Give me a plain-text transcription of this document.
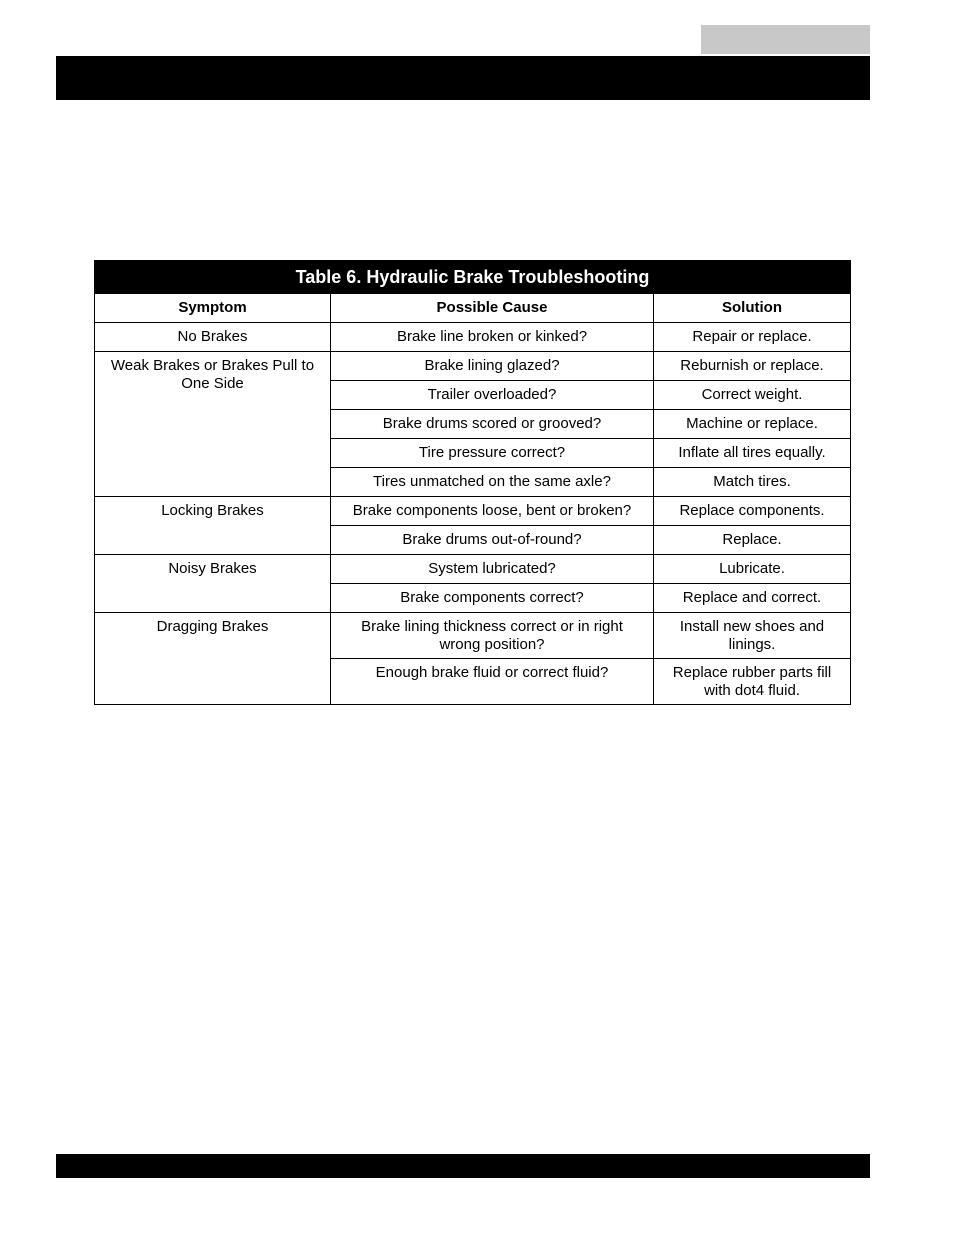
Table 6. Hydraulic Brake Troubleshooting		
Symptom	Possible Cause	Solution
No Brakes	Brake line broken or kinked?	Repair or replace.
Weak Brakes or Brakes Pull to One Side	Brake lining glazed?	Reburnish or replace.
	Trailer overloaded?	Correct weight.
	Brake drums scored or grooved?	Machine or replace.
	Tire pressure correct?	Inflate all tires equally.
	Tires unmatched on the same axle?	Match tires.
Locking Brakes	Brake components loose, bent or broken?	Replace components.
	Brake drums out-of-round?	Replace.
Noisy Brakes	System lubricated?	Lubricate.
	Brake components correct?	Replace and correct.
Dragging Brakes	Brake lining thickness correct or in right wrong position?	Install new shoes and linings.
	Enough brake fluid or correct fluid?	Replace rubber parts fill with dot4 fluid.
